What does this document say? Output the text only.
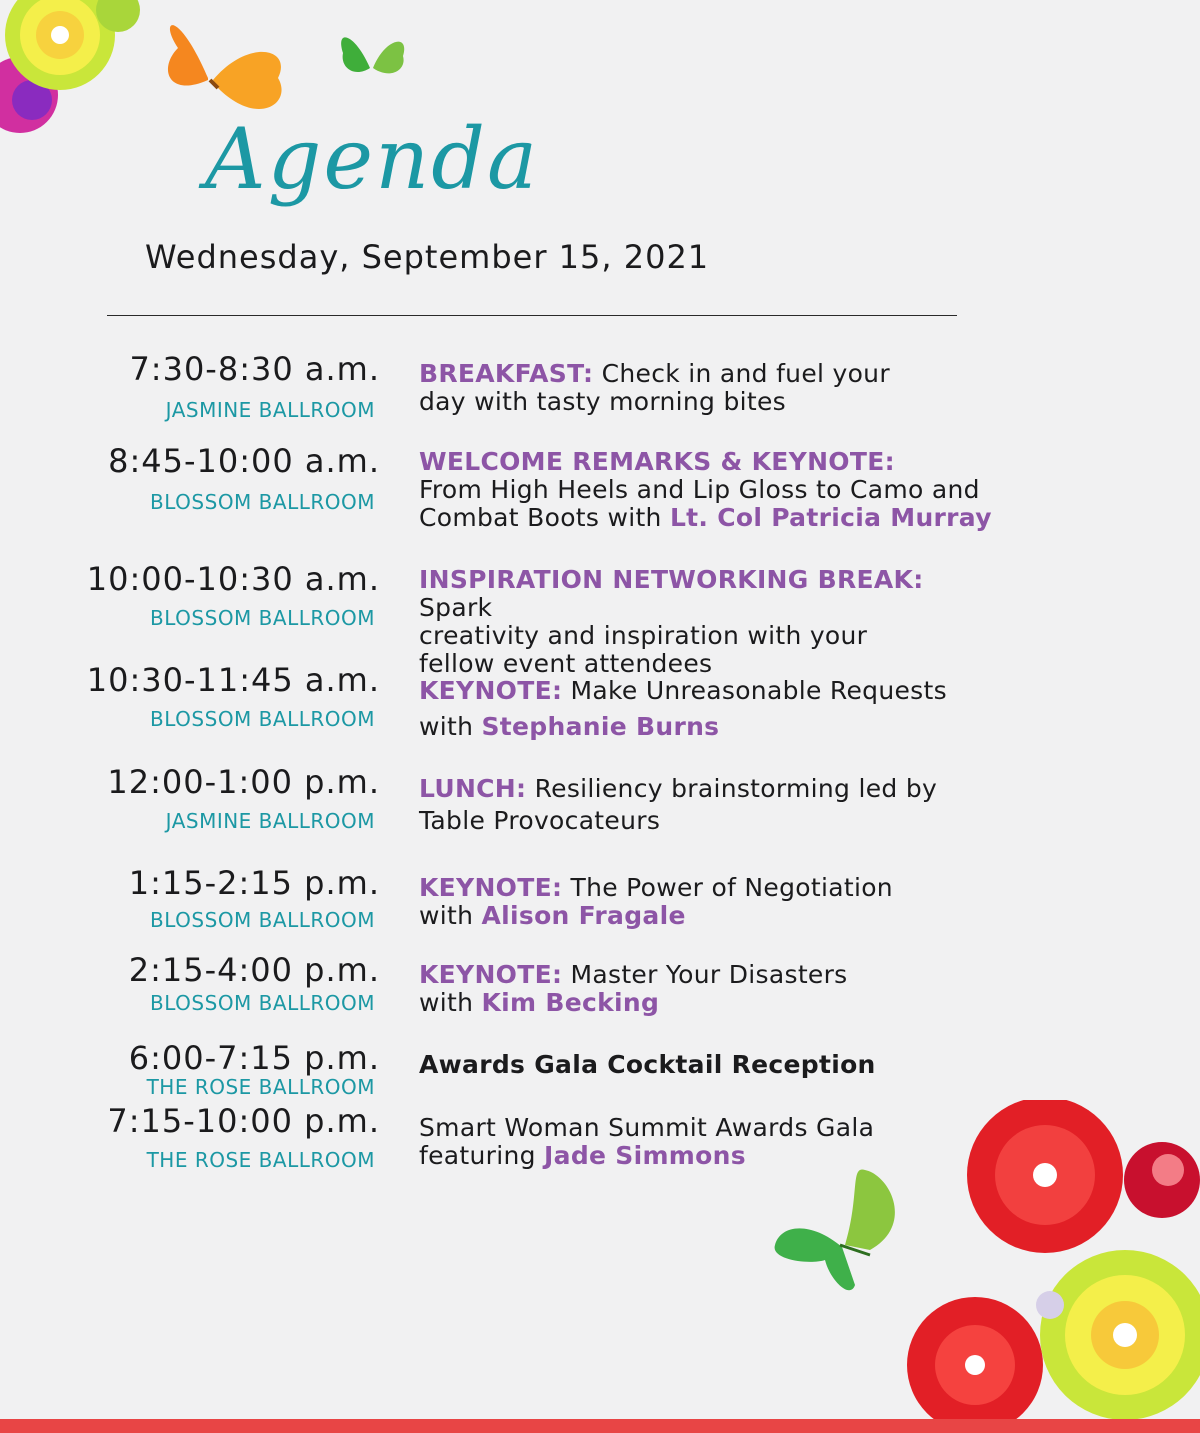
Agenda
Wednesday, September 15, 2021
7:30-8:30 a.m.
JASMINE BALLROOM
BREAKFAST: Check in and fuel your
day with tasty morning bites
8:45-10:00 a.m.
BLOSSOM BALLROOM
WELCOME REMARKS & KEYNOTE:
From High Heels and Lip Gloss to Camo and
Combat Boots with Lt. Col Patricia Murray
10:00-10:30 a.m.
BLOSSOM BALLROOM
INSPIRATION NETWORKING BREAK: Spark
creativity and inspiration with your
fellow event attendees
10:30-11:45 a.m.
BLOSSOM BALLROOM
KEYNOTE: Make Unreasonable Requests
with Stephanie Burns
12:00-1:00 p.m.
JASMINE BALLROOM
LUNCH: Resiliency brainstorming led by
Table Provocateurs
1:15-2:15 p.m.
BLOSSOM BALLROOM
KEYNOTE: The Power of Negotiation
with Alison Fragale
2:15-4:00 p.m.
BLOSSOM BALLROOM
KEYNOTE: Master Your Disasters
with Kim Becking
6:00-7:15 p.m.
THE ROSE BALLROOM
Awards Gala Cocktail Reception
7:15-10:00 p.m.
THE ROSE BALLROOM
Smart Woman Summit Awards Gala
featuring Jade Simmons
